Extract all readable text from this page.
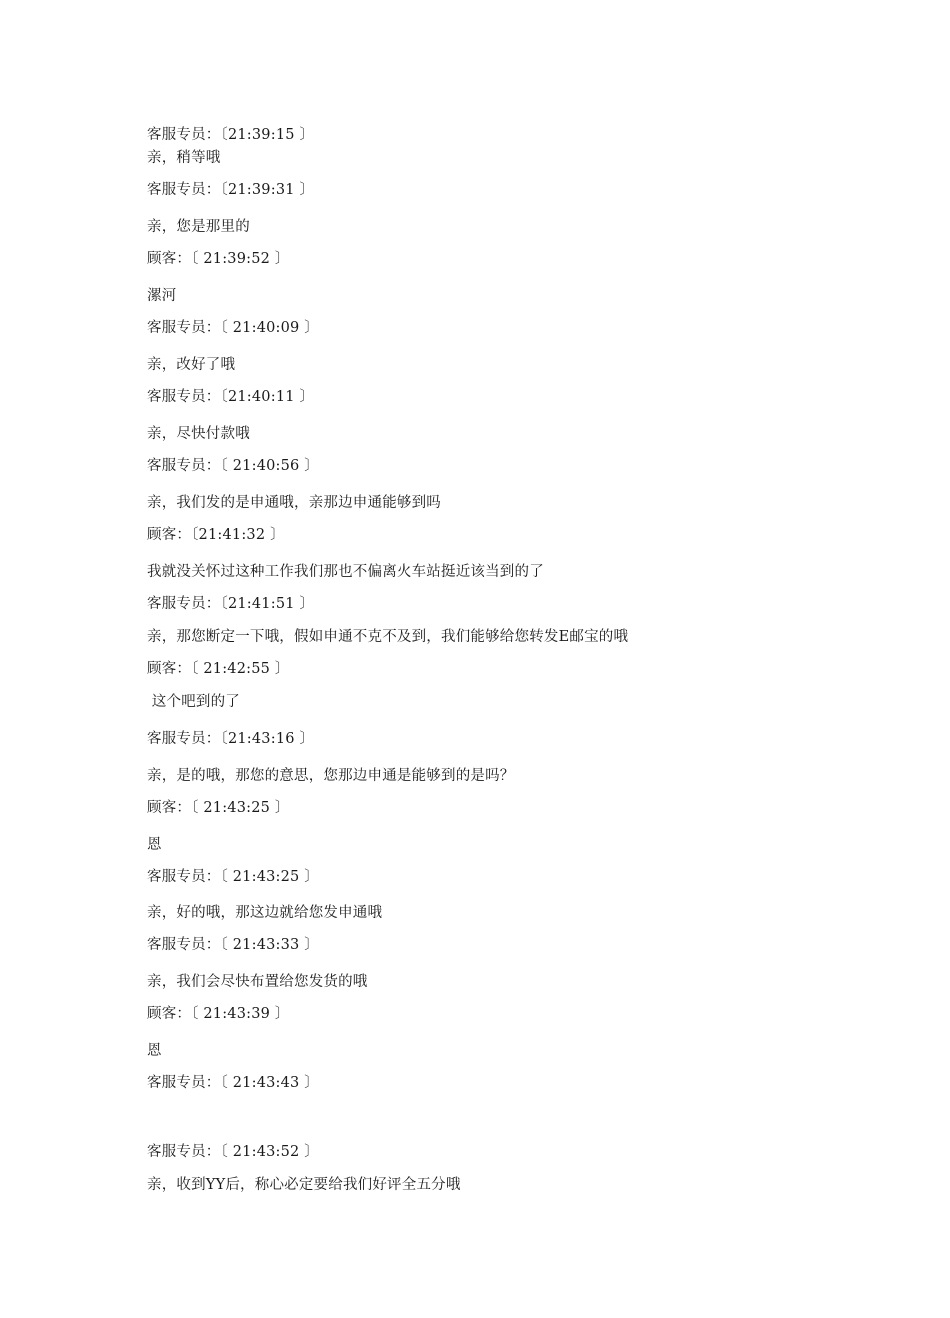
客服专员：〔21:39:15 〕
亲，稍等哦
客服专员：〔21:39:31 〕
亲，您是那里的
顾客：〔 21:39:52 〕
漯河
客服专员：〔 21:40:09 〕
亲，改好了哦
客服专员：〔21:40:11 〕
亲，尽快付款哦
客服专员：〔 21:40:56 〕
亲，我们发的是申通哦，亲那边申通能够到吗
顾客：〔21:41:32 〕
我就没关怀过这种工作我们那也不偏离火车站挺近该当到的了
客服专员：〔21:41:51 〕
亲，那您断定一下哦，假如申通不克不及到，我们能够给您转发E邮宝的哦
顾客：〔 21:42:55 〕
这个吧到的了
客服专员：〔21:43:16 〕
亲，是的哦，那您的意思，您那边申通是能够到的是吗？
顾客：〔 21:43:25 〕
恩
客服专员：〔 21:43:25 〕
亲，好的哦，那这边就给您发申通哦
客服专员：〔 21:43:33 〕
亲，我们会尽快布置给您发货的哦
顾客：〔 21:43:39 〕
恩
客服专员：〔 21:43:43 〕
客服专员：〔 21:43:52 〕
亲，收到YY后，称心必定要给我们好评全五分哦
